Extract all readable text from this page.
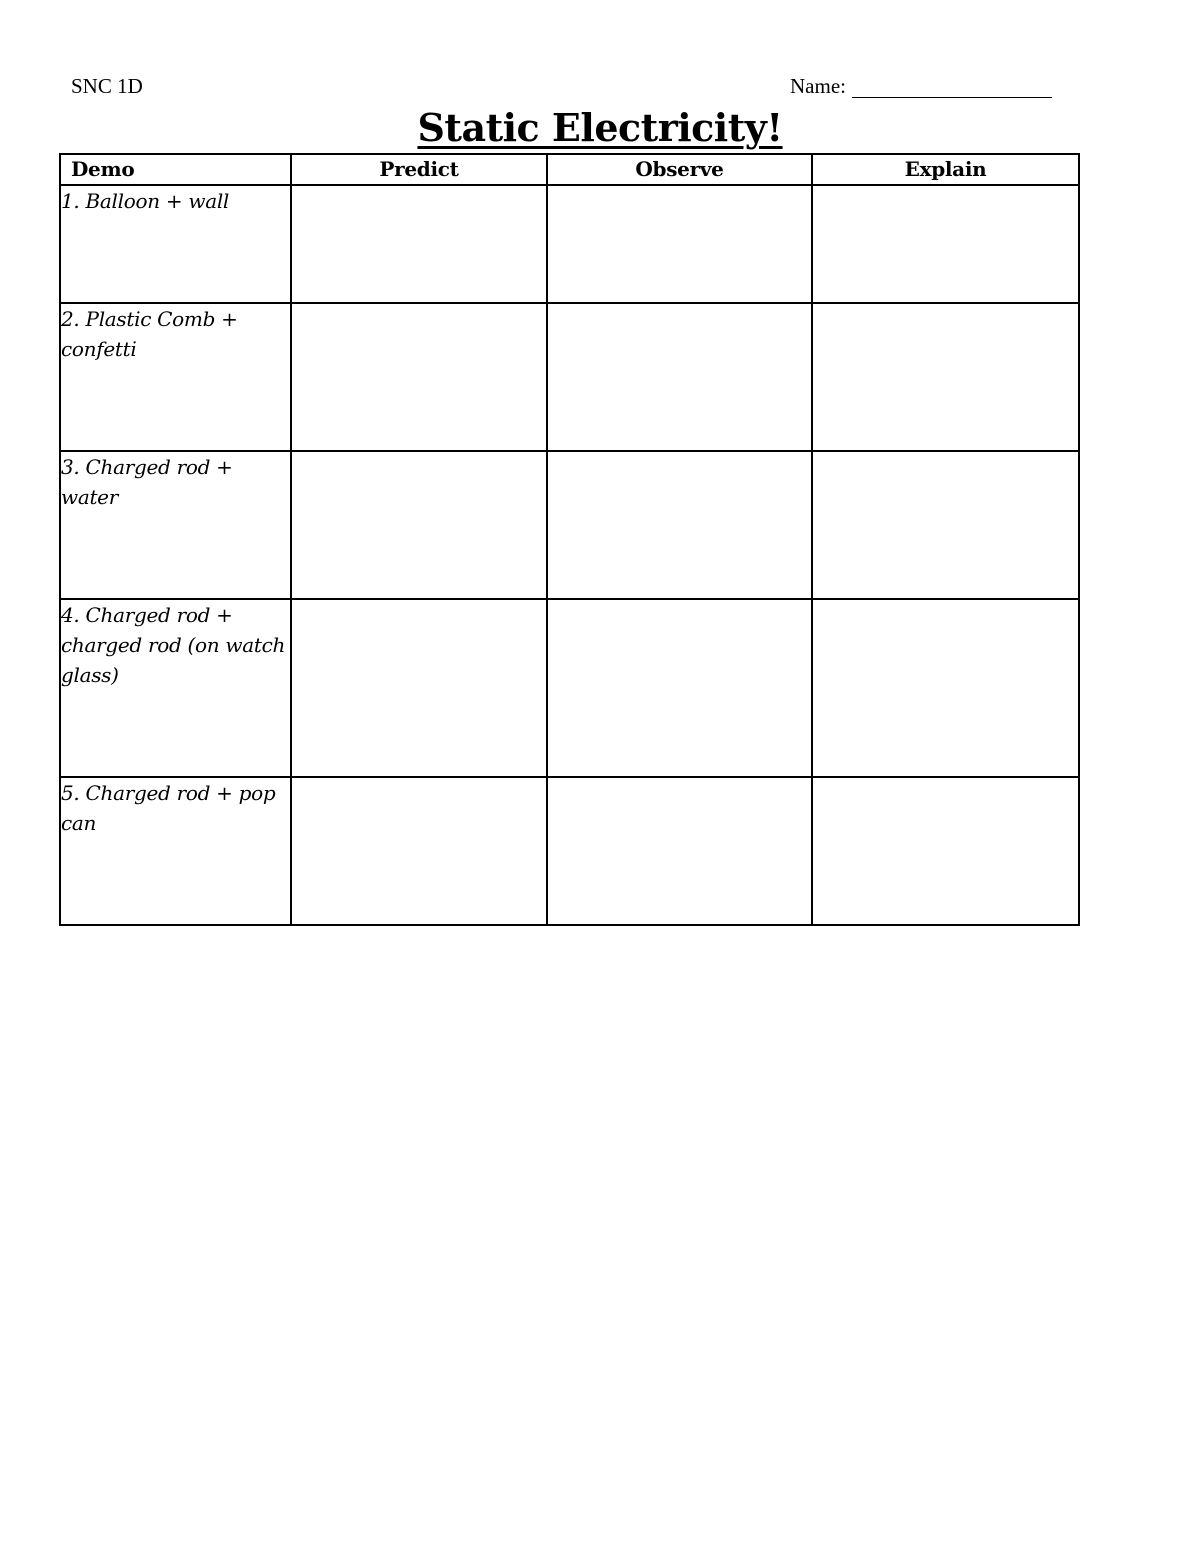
SNC 1D	Name:
Static Electricity!
Demo	Predict	Observe	Explain
1. Balloon + wall			
2. Plastic Comb + confetti			
3. Charged rod + water			
4. Charged rod + charged rod (on watch glass)			
5. Charged rod + pop can			
